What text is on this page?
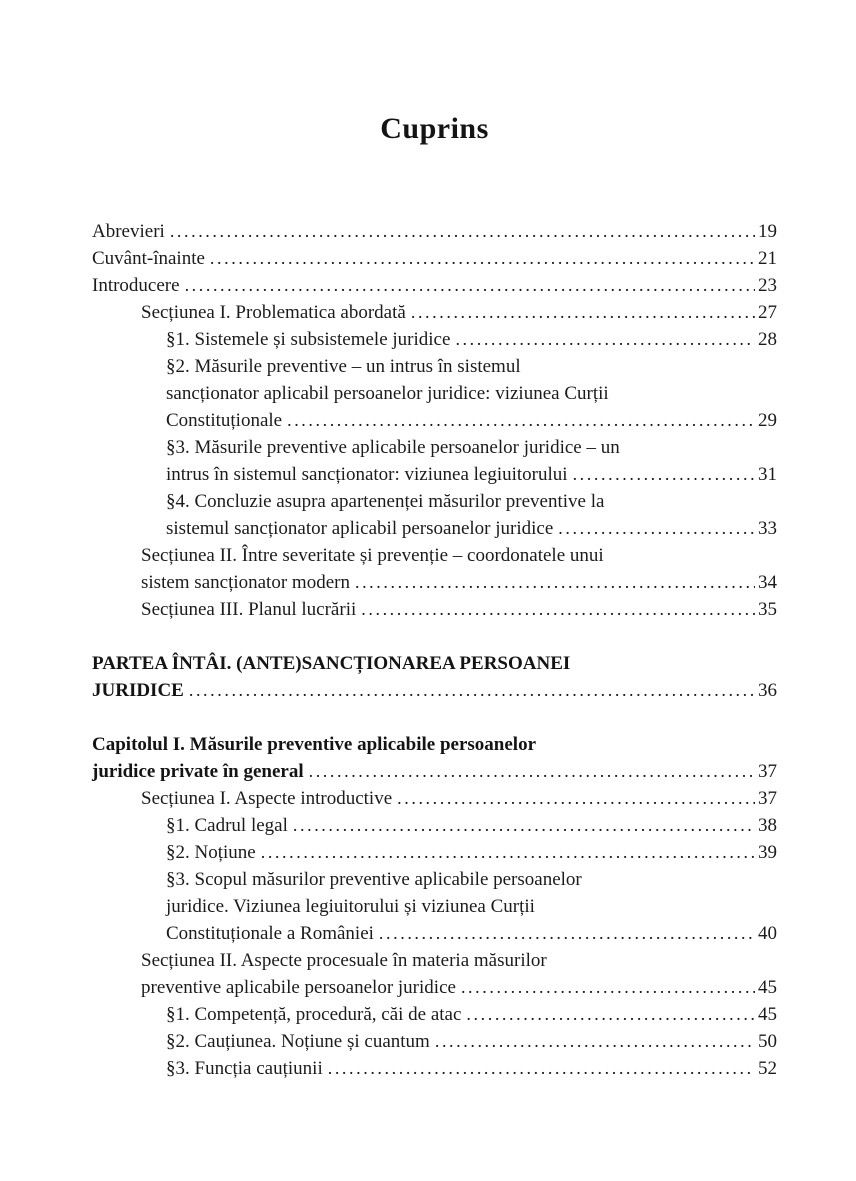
Cuprins
Abrevieri .....	19
Cuvânt-înainte .....	21
Introducere .....	23
Secțiunea I. Problematica abordată .....	27
§1. Sistemele și subsistemele juridice .....	28
§2. Măsurile preventive – un intrus în sistemul
sancționator aplicabil persoanelor juridice: viziunea Curții
Constituționale .....	29
§3. Măsurile preventive aplicabile persoanelor juridice – un
intrus în sistemul sancționator: viziunea legiuitorului .....	31
§4. Concluzie asupra apartenenței măsurilor preventive la
sistemul sancționator aplicabil persoanelor juridice .....	33
Secțiunea II. Între severitate și prevenție – coordonatele unui
sistem sancționator modern .....	34
Secțiunea III. Planul lucrării .....	35
PARTEA ÎNTÂI. (ANTE)SANCȚIONAREA PERSOANEI
JURIDICE .....	36
Capitolul I. Măsurile preventive aplicabile persoanelor
juridice private în general .....	37
Secțiunea I. Aspecte introductive .....	37
§1. Cadrul legal .....	38
§2. Noțiune .....	39
§3. Scopul măsurilor preventive aplicabile persoanelor
juridice. Viziunea legiuitorului și viziunea Curții
Constituționale a României .....	40
Secțiunea II. Aspecte procesuale în materia măsurilor
preventive aplicabile persoanelor juridice .....	45
§1. Competență, procedură, căi de atac .....	45
§2. Cauțiunea. Noțiune și cuantum .....	50
§3. Funcția cauțiunii .....	52
